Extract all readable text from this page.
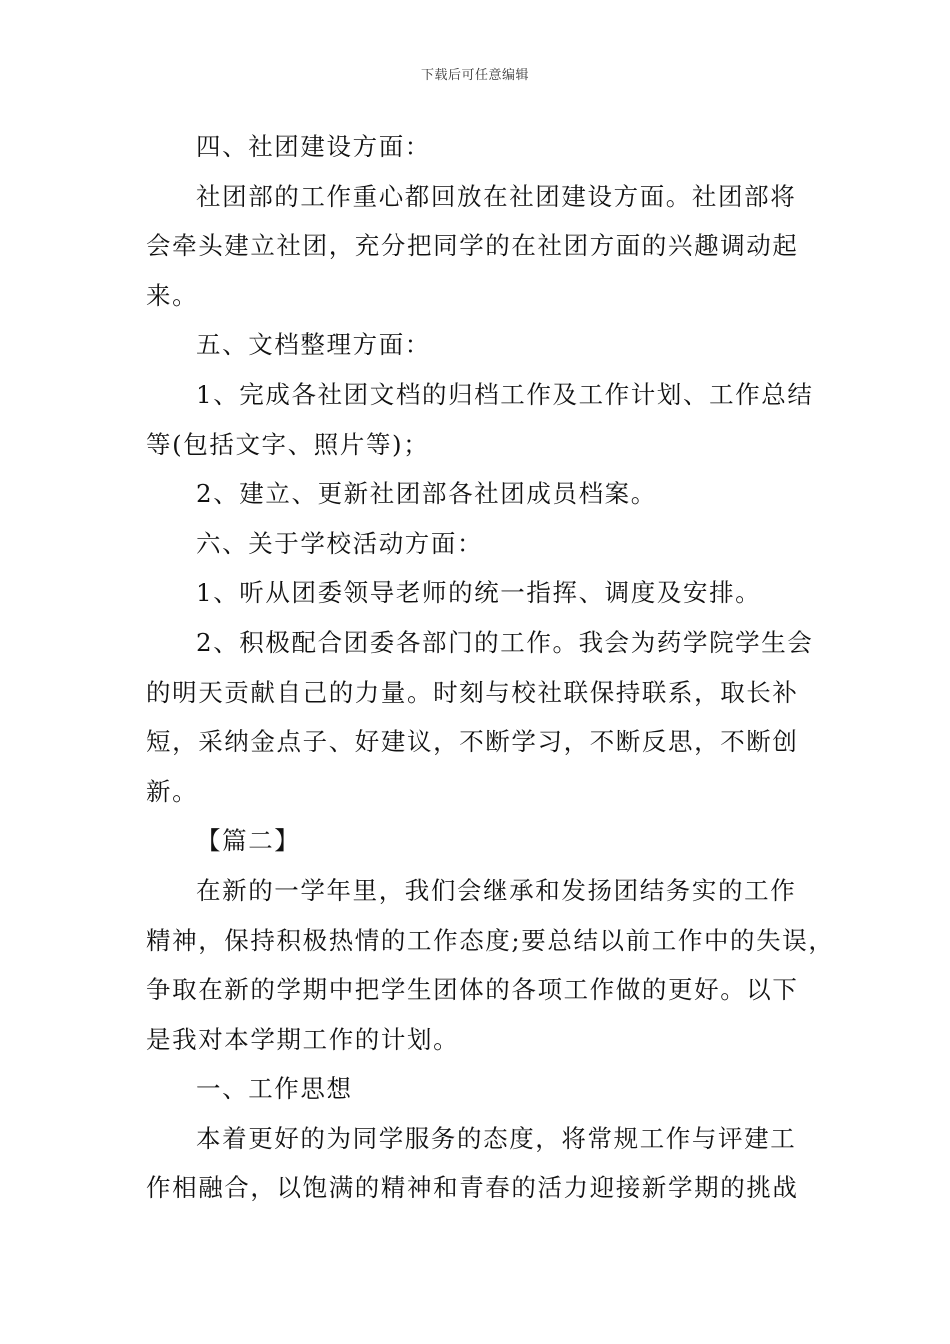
下载后可任意编辑
四、社团建设方面：
社团部的工作重心都回放在社团建设方面。社团部将
会牵头建立社团，充分把同学的在社团方面的兴趣调动起
来。
五、文档整理方面：
1、完成各社团文档的归档工作及工作计划、工作总结
等(包括文字、照片等)；
2、建立、更新社团部各社团成员档案。
六、关于学校活动方面：
1、听从团委领导老师的统一指挥、调度及安排。
2、积极配合团委各部门的工作。我会为药学院学生会
的明天贡献自己的力量。时刻与校社联保持联系，取长补
短，采纳金点子、好建议，不断学习，不断反思，不断创
新。
【篇二】
在新的一学年里，我们会继承和发扬团结务实的工作
精神，保持积极热情的工作态度;要总结以前工作中的失误，
争取在新的学期中把学生团体的各项工作做的更好。以下
是我对本学期工作的计划。
一、工作思想
本着更好的为同学服务的态度，将常规工作与评建工
作相融合，以饱满的精神和青春的活力迎接新学期的挑战
